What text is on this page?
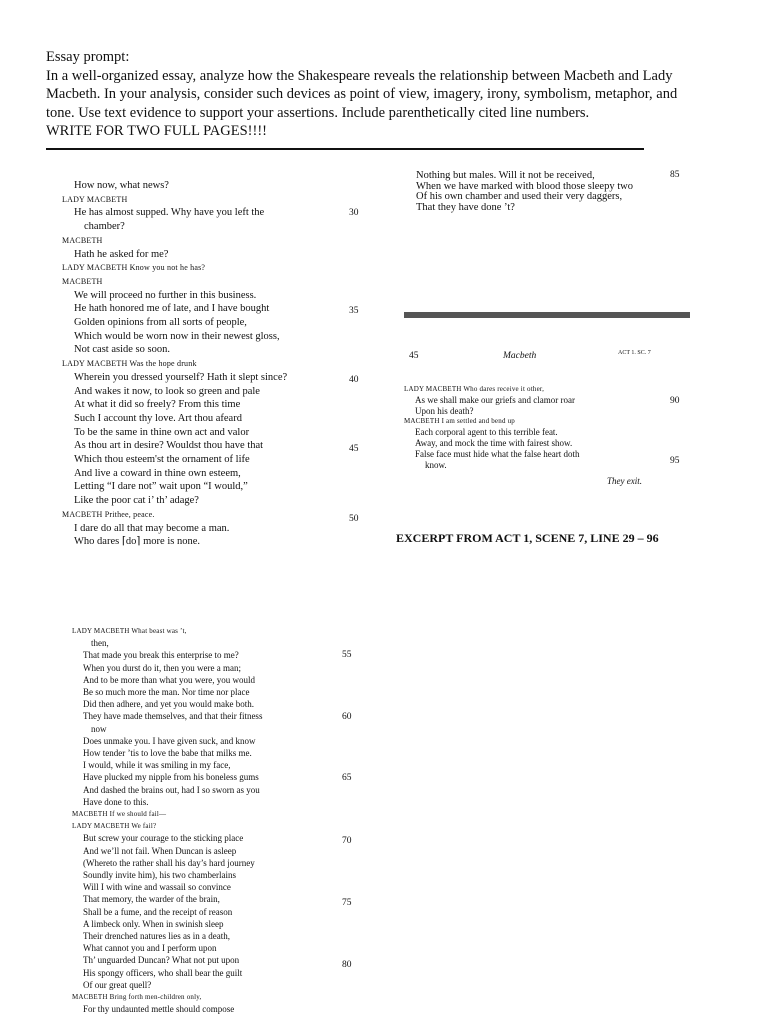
Essay prompt:
In a well-organized essay, analyze how the Shakespeare reveals the relationship between Macbeth and Lady
Macbeth. In your analysis, consider such devices as point of view, imagery, irony, symbolism, metaphor, and
tone. Use text evidence to support your assertions. Include parenthetically cited line numbers.
WRITE FOR TWO FULL PAGES!!!!
How now, what news?
LADY MACBETH
He has almost supped. Why have you left the
chamber?
MACBETH
Hath he asked for me?
LADY MACBETH Know you not he has?
MACBETH
We will proceed no further in this business.
He hath honored me of late, and I have bought
Golden opinions from all sorts of people,
Which would be worn now in their newest gloss,
Not cast aside so soon.
LADY MACBETH Was the hope drunk
Wherein you dressed yourself? Hath it slept since?
And wakes it now, to look so green and pale
At what it did so freely? From this time
Such I account thy love. Art thou afeard
To be the same in thine own act and valor
As thou art in desire? Wouldst thou have that
Which thou esteem'st the ornament of life
And live a coward in thine own esteem,
Letting “I dare not” wait upon “I would,”
Like the poor cat i’ th’ adage?
MACBETH Prithee, peace.
I dare do all that may become a man.
Who dares ⌈do⌉ more is none.
30
35
40
45
50
Nothing but males. Will it not be received,
When we have marked with blood those sleepy two
Of his own chamber and used their very daggers,
That they have done ’t?
85
45	Macbeth	ACT 1. SC. 7
LADY MACBETH Who dares receive it other,
As we shall make our griefs and clamor roar
Upon his death?
MACBETH I am settled and bend up
Each corporal agent to this terrible feat.
Away, and mock the time with fairest show.
False face must hide what the false heart doth
know.
They exit.
90
95
EXCERPT FROM ACT 1, SCENE 7, LINE 29 – 96
LADY MACBETH What beast was ’t,
then,
That made you break this enterprise to me?
When you durst do it, then you were a man;
And to be more than what you were, you would
Be so much more the man. Nor time nor place
Did then adhere, and yet you would make both.
They have made themselves, and that their fitness
now
Does unmake you. I have given suck, and know
How tender ’tis to love the babe that milks me.
I would, while it was smiling in my face,
Have plucked my nipple from his boneless gums
And dashed the brains out, had I so sworn as you
Have done to this.
MACBETH If we should fail—
LADY MACBETH We fail?
But screw your courage to the sticking place
And we’ll not fail. When Duncan is asleep
(Whereto the rather shall his day’s hard journey
Soundly invite him), his two chamberlains
Will I with wine and wassail so convince
That memory, the warder of the brain,
Shall be a fume, and the receipt of reason
A limbeck only. When in swinish sleep
Their drenched natures lies as in a death,
What cannot you and I perform upon
Th’ unguarded Duncan? What not put upon
His spongy officers, who shall bear the guilt
Of our great quell?
MACBETH Bring forth men-children only,
For thy undaunted mettle should compose
55
60
65
70
75
80
